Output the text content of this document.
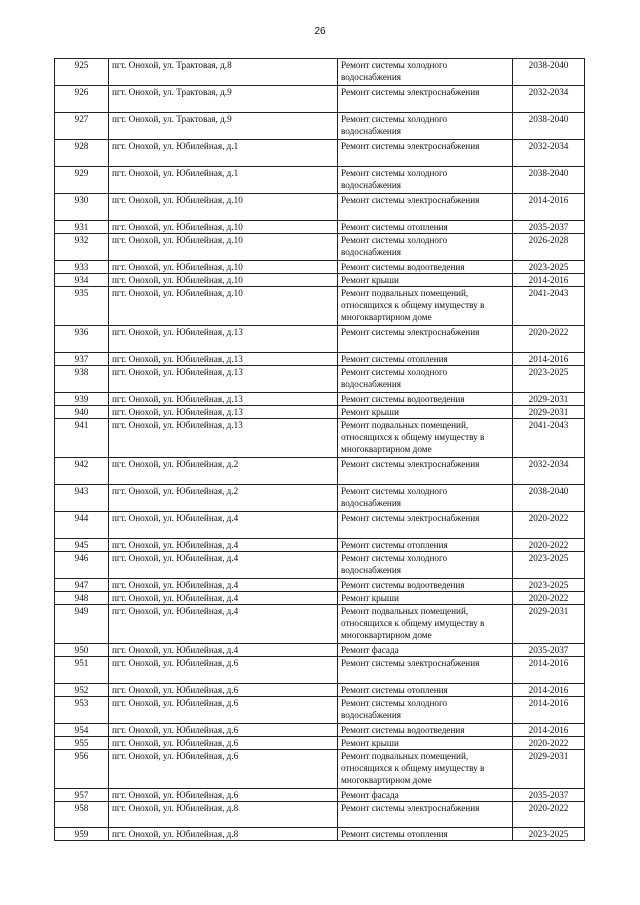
26
925	пгт. Онохой, ул. Трактовая, д.8	Ремонт системы холодного водоснабжения	2038-2040
926	пгт. Онохой, ул. Трактовая, д.9	Ремонт системы электроснабжения	2032-2034
927	пгт. Онохой, ул. Трактовая, д.9	Ремонт системы холодного водоснабжения	2038-2040
928	пгт. Онохой, ул. Юбилейная, д.1	Ремонт системы электроснабжения	2032-2034
929	пгт. Онохой, ул. Юбилейная, д.1	Ремонт системы холодного водоснабжения	2038-2040
930	пгт. Онохой, ул. Юбилейная, д.10	Ремонт системы электроснабжения	2014-2016
931	пгт. Онохой, ул. Юбилейная, д.10	Ремонт системы отопления	2035-2037
932	пгт. Онохой, ул. Юбилейная, д.10	Ремонт системы холодного водоснабжения	2026-2028
933	пгт. Онохой, ул. Юбилейная, д.10	Ремонт системы водоотведения	2023-2025
934	пгт. Онохой, ул. Юбилейная, д.10	Ремонт крыши	2014-2016
935	пгт. Онохой, ул. Юбилейная, д.10	Ремонт подвальных помещений, относящихся к общему имуществу в многоквартирном доме	2041-2043
936	пгт. Онохой, ул. Юбилейная, д.13	Ремонт системы электроснабжения	2020-2022
937	пгт. Онохой, ул. Юбилейная, д.13	Ремонт системы отопления	2014-2016
938	пгт. Онохой, ул. Юбилейная, д.13	Ремонт системы холодного водоснабжения	2023-2025
939	пгт. Онохой, ул. Юбилейная, д.13	Ремонт системы водоотведения	2029-2031
940	пгт. Онохой, ул. Юбилейная, д.13	Ремонт крыши	2029-2031
941	пгт. Онохой, ул. Юбилейная, д.13	Ремонт подвальных помещений, относящихся к общему имуществу в многоквартирном доме	2041-2043
942	пгт. Онохой, ул. Юбилейная, д.2	Ремонт системы электроснабжения	2032-2034
943	пгт. Онохой, ул. Юбилейная, д.2	Ремонт системы холодного водоснабжения	2038-2040
944	пгт. Онохой, ул. Юбилейная, д.4	Ремонт системы электроснабжения	2020-2022
945	пгт. Онохой, ул. Юбилейная, д.4	Ремонт системы отопления	2020-2022
946	пгт. Онохой, ул. Юбилейная, д.4	Ремонт системы холодного водоснабжения	2023-2025
947	пгт. Онохой, ул. Юбилейная, д.4	Ремонт системы водоотведения	2023-2025
948	пгт. Онохой, ул. Юбилейная, д.4	Ремонт крыши	2020-2022
949	пгт. Онохой, ул. Юбилейная, д.4	Ремонт подвальных помещений, относящихся к общему имуществу в многоквартирном доме	2029-2031
950	пгт. Онохой, ул. Юбилейная, д.4	Ремонт фасада	2035-2037
951	пгт. Онохой, ул. Юбилейная, д.6	Ремонт системы электроснабжения	2014-2016
952	пгт. Онохой, ул. Юбилейная, д.6	Ремонт системы отопления	2014-2016
953	пгт. Онохой, ул. Юбилейная, д.6	Ремонт системы холодного водоснабжения	2014-2016
954	пгт. Онохой, ул. Юбилейная, д.6	Ремонт системы водоотведения	2014-2016
955	пгт. Онохой, ул. Юбилейная, д.6	Ремонт крыши	2020-2022
956	пгт. Онохой, ул. Юбилейная, д.6	Ремонт подвальных помещений, относящихся к общему имуществу в многоквартирном доме	2029-2031
957	пгт. Онохой, ул. Юбилейная, д.6	Ремонт фасада	2035-2037
958	пгт. Онохой, ул. Юбилейная, д.8	Ремонт системы электроснабжения	2020-2022
959	пгт. Онохой, ул. Юбилейная, д.8	Ремонт системы отопления	2023-2025
